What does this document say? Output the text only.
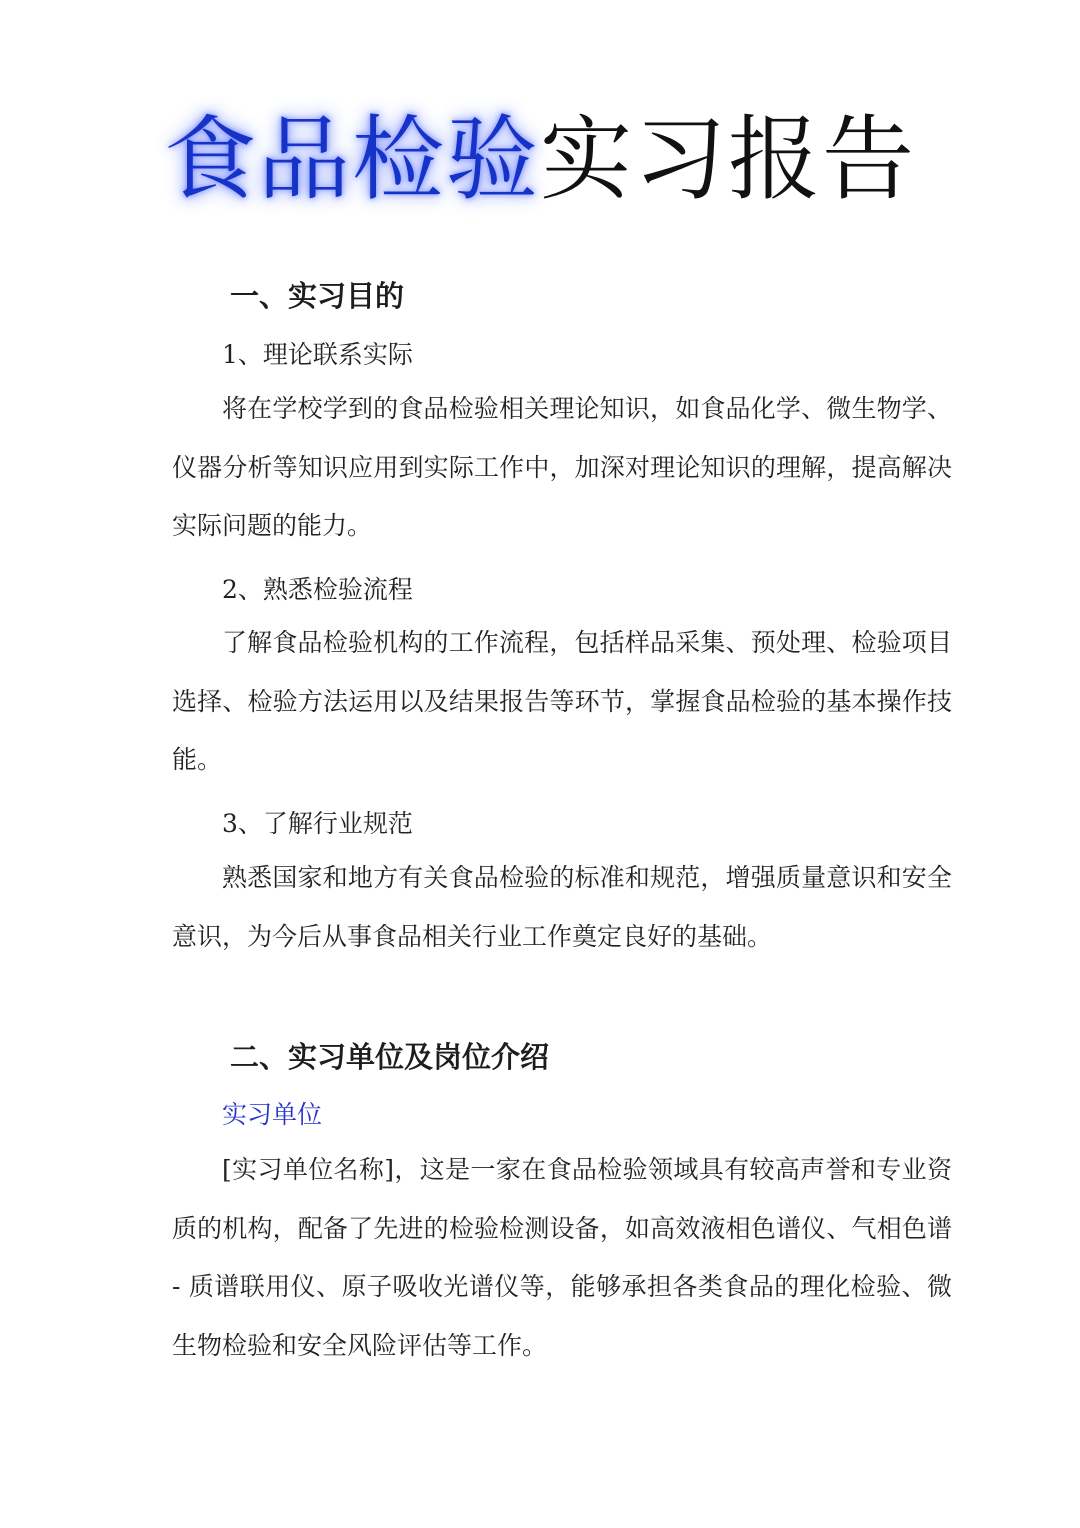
食品检验实习报告
一、实习目的
1、理论联系实际
将在学校学到的食品检验相关理论知识，如食品化学、微生物学、仪器分析等知识应用到实际工作中，加深对理论知识的理解，提高解决实际问题的能力。
2、熟悉检验流程
了解食品检验机构的工作流程，包括样品采集、预处理、检验项目选择、检验方法运用以及结果报告等环节，掌握食品检验的基本操作技能。
3、了解行业规范
熟悉国家和地方有关食品检验的标准和规范，增强质量意识和安全意识，为今后从事食品相关行业工作奠定良好的基础。
二、实习单位及岗位介绍
实习单位
[实习单位名称]，这是一家在食品检验领域具有较高声誉和专业资质的机构，配备了先进的检验检测设备，如高效液相色谱仪、气相色谱 - 质谱联用仪、原子吸收光谱仪等，能够承担各类食品的理化检验、微生物检验和安全风险评估等工作。
